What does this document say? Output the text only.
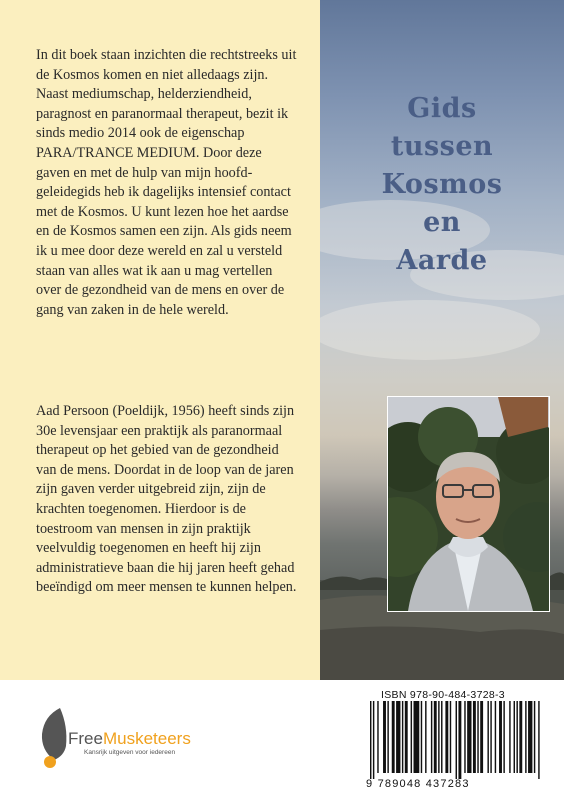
In dit boek staan inzichten die rechtstreeks uit de Kosmos komen en niet alledaags zijn. Naast mediumschap, helderziendheid, paragnost en paranormaal therapeut, bezit ik sinds medio 2014 ook de eigenschap PARA/TRANCE MEDIUM. Door deze gaven en met de hulp van mijn hoofd-geleidegids heb ik dagelijks intensief contact met de Kosmos. U kunt lezen hoe het aardse en de Kosmos samen een zijn. Als gids neem ik u mee door deze wereld en zal u versteld staan van alles wat ik aan u mag vertellen over de gezondheid van de mens en over de gang van zaken in de hele wereld.

Aad Persoon (Poeldijk, 1956) heeft sinds zijn 30e levensjaar een praktijk als paranormaal therapeut op het gebied van de gezondheid van de mens. Doordat in de loop van de jaren zijn gaven verder uitgebreid zijn, zijn de krachten toegenomen. Hierdoor is de toestroom van mensen in zijn praktijk veelvuldig toegenomen en heeft hij zijn administratieve baan die hij jaren heeft gehad beeïndigd om meer mensen te kunnen helpen.

Gids
tussen
Kosmos
en
Aarde
FreeMusketeers
Kansrijk uitgeven voor iedereen
ISBN 978-90-484-3728-3
9 789048 437283
